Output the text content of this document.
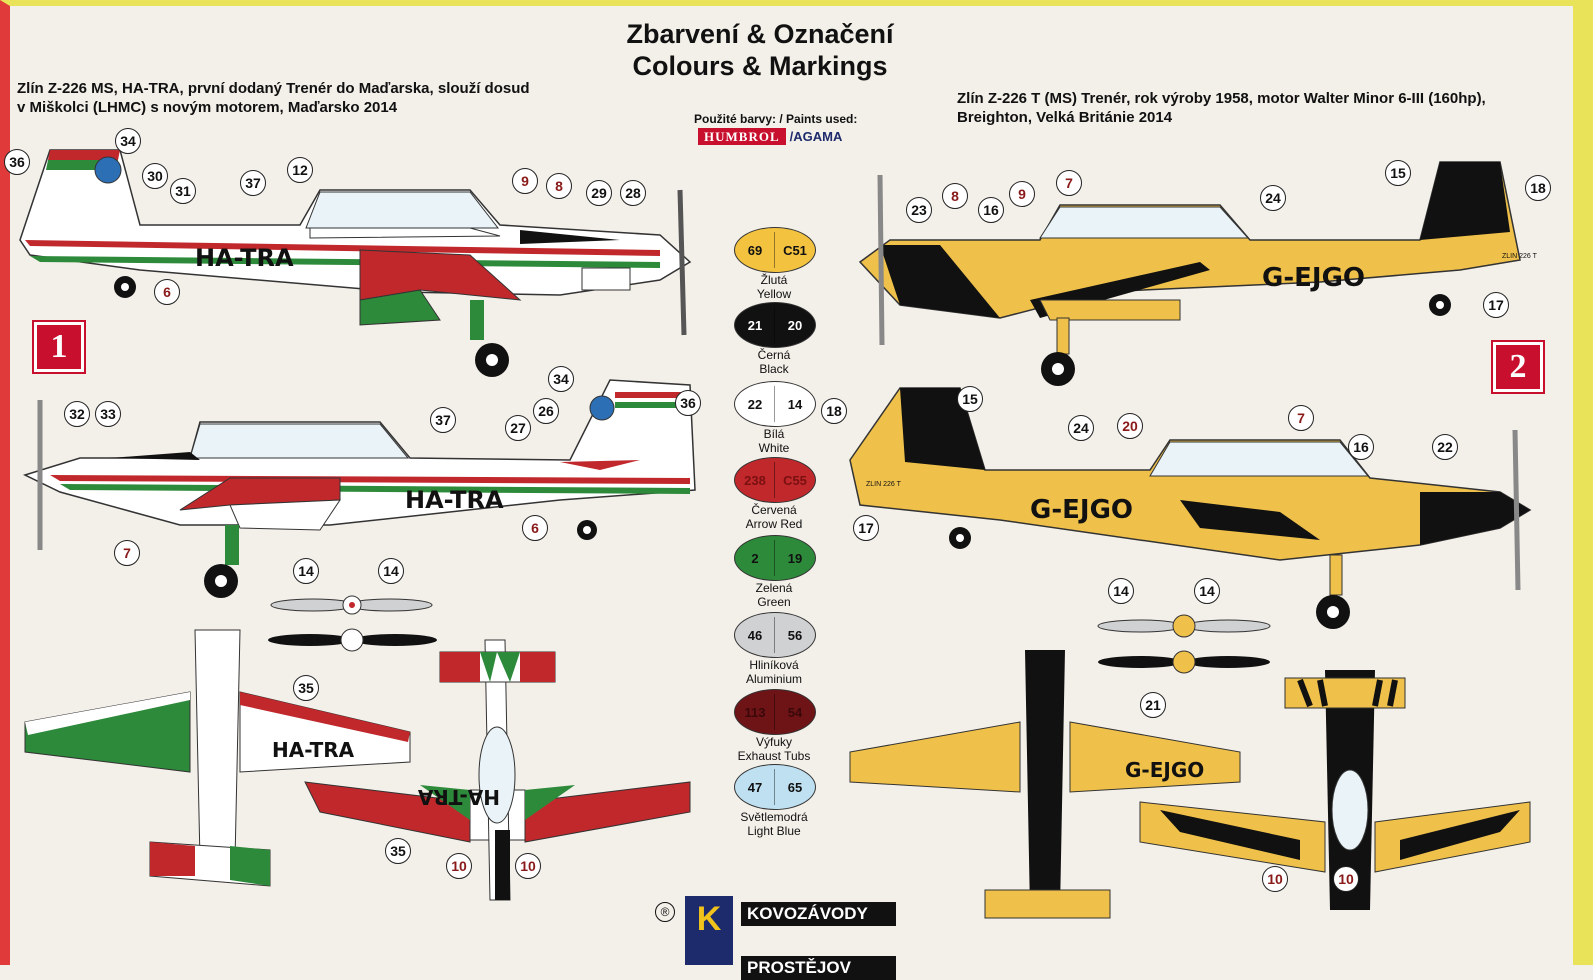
Zbarvení & Označení
Colours & Markings
Zlín Z-226 MS, HA-TRA, první dodaný Trenér do Maďarska, slouží dosud
v Miškolci (LHMC) s novým motorem, Maďarsko 2014
Zlín Z-226 T (MS) Trenér, rok výroby 1958, motor Walter Minor 6-III (160hp),
Breighton, Velká Británie 2014
Použité barvy: / Paints used:
HUMBROL /AGAMA
69	C51
Žlutá
Yellow
21	20
Černá
Black
22	14
Bílá
White
238	C55
Červená
Arrow Red
2	19
Zelená
Green
46	56
Hliníková
Aluminium
113	54
Výfuky
Exhaust Tubs
47	65
Světlemodrá
Light Blue
1
2
HA-TRA
HA-TRA
HA-TRA
HA-TRA
G-EJGO
ZLIN 226 T
G-EJGO
ZLIN 226 T
G-EJGO
36
34
30
31	37
12
9	8	29	28
6
32	33
34
37	27
26	36
6
7
14	14
35
35
10	10
23
8
16
9
7
24
15
18
17
18
15
24	20	7
16	22
17
14	14
21
10	10
® K	KOVOZÁVODY
PROSTĚJOV
